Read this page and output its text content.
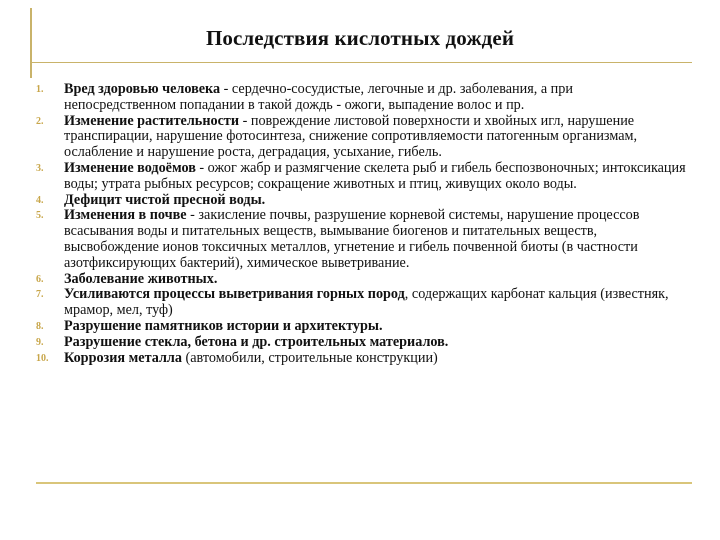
Последствия кислотных дождей
1. Вред здоровью человека - сердечно-сосудистые, легочные и др. заболевания, а при непосредственном попадании в такой дождь - ожоги, выпадение волос и пр.
2. Изменение растительности - повреждение листовой поверхности и хвойных игл, нарушение транспирации, нарушение фотосинтеза, снижение сопротивляемости патогенным организмам, ослабление и нарушение роста, деградация, усыхание, гибель.
3. Изменение водоёмов - ожог жабр и размягчение скелета рыб и гибель беспозвоночных; интоксикация воды; утрата рыбных ресурсов; сокращение животных и птиц, живущих около воды.
4. Дефицит чистой пресной воды.
5. Изменения в почве - закисление почвы, разрушение корневой системы, нарушение процессов всасывания воды и питательных веществ, вымывание биогенов и питательных веществ, высвобождение ионов токсичных металлов, угнетение и гибель почвенной биоты (в частности азотфиксирующих бактерий), химическое выветривание.
6. Заболевание животных.
7. Усиливаются процессы выветривания горных пород, содержащих карбонат кальция (известняк, мрамор, мел, туф)
8. Разрушение памятников истории и архитектуры.
9. Разрушение стекла, бетона и др. строительных материалов.
10. Коррозия металла (автомобили, строительные конструкции)
